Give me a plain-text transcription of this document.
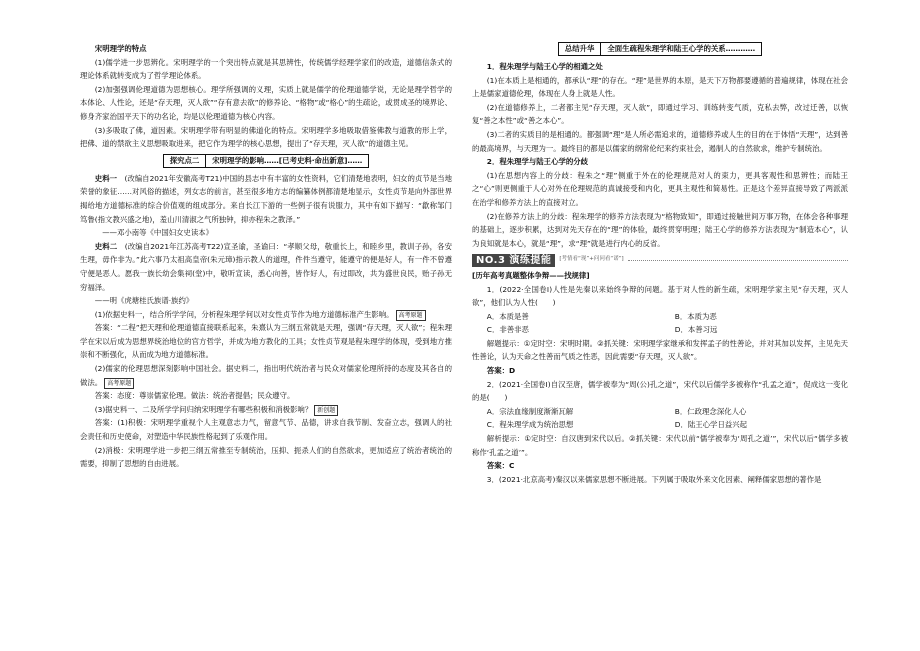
宋明理学的特点

(1)儒学进一步思辨化。宋明理学的一个突出特点就是其思辨性，传统儒学经理学家们的改造，道德信条式的理论体系就转变成为了哲学理论体系。

(2)加强强调伦理道德为思想核心。理学所强调的义理，实质上就是儒学的伦理道德学说，无论是理学哲学的本体论、人性论，还是“存天理，灭人欲”“存有意去欲”的修养论、“格物”或“格心”的生疏论，或贯成圣的境界论、修身齐家治国平天下的功名论，均是以伦理道德为核心内容。

(3)多吸取了佛，道因素。宋明理学带有明显的佛道化的特点。宋明理学多地吸取借鉴佛教与道教的形上学，把佛、道的禁欲主义思想吸取进来，把它作为理学的核心思想，提出了“存天理，灭人欲”的道德主见。

探究点二	宋明理学的影响……[已考史料·命出新意]……

史料一　 (改编自2021年安徽高考T21)中国的县志中有丰富的女性资料，它们清楚地表明，妇女的贞节是当地荣誉的象征……对风俗的描述，列女志的前言，甚至很多地方志的编纂体例都清楚地显示，女性贞节是向外部世界揭给地方道德标准的综合价值观的组成部分。来自长江下游的一些例子很有说服力，其中有如下描写：“歙称邹门笃鲁(指文教兴盛之地)，羞山川清淑之气所独钟，抑亦程朱之教泽。”

——邓小南等《中国妇女史读本》

史料二　 (改编自2021年江苏高考T22)宣圣谕，圣谕曰：“孝顺父母，敬重长上，和睦乡里，教训子孙，各安生理，毋作非为。”此六事乃太祖高皇帝(朱元璋)指示教人的道理，件件当遵守，能遵守的便是好人，有一件不曾遵守便是恶人。愿我一族长幼会集祠(堂)中，敬听宣读，悉心向善，皆作好人，有过即改，共为盛世良民，贻子孙无穷福泽。

——明《虎塘桂氏族谱·族约》

(1)依据史料一，结合所学学问，分析程朱理学何以对女性贞节作为地方道德标准产生影响。 高考原题

答案：“二程”把天理和伦理道德直接联系起来，朱熹认为三纲五常就是天理，强调“存天理，灭人欲”；程朱理学在宋以后成为思想界统治地位的官方哲学，并成为地方教化的工具；女性贞节观是程朱理学的体现，受到地方推崇和不断强化，从而成为地方道德标准。

(2)儒家的伦理思想深刻影响中国社会。据史料二，指出明代统治者与民众对儒家伦理所持的态度及其各自的做法。 高考原题

答案：态度：尊崇儒家伦理。做法：统治者提倡；民众遵守。

(3)据史料一、二及所学学问归纳宋明理学有哪些积极和消极影响？ 新创题

答案：(1)积极：宋明理学重视个人主观意志力气，留意气节、品德，讲求自我节制、发奋立志，强调人的社会责任和历史使命，对塑造中华民族性格起到了乐观作用。

(2)消极：宋明理学进一步把三纲五常推至专制统治，压抑、扼杀人们的自然欲求，更加适应了统治者统治的需要，抑制了思想的自由进展。

总结升华	全面生疏程朱理学和陆王心学的关系…………

1．程朱理学与陆王心学的相通之处

(1)在本质上是相通的，都承认“理”的存在。“理”是世界的本原，是天下万物都要遵循的普遍规律，体现在社会上是儒家道德伦理，体现在人身上就是人性。

(2)在道德修养上，二者都主见“存天理，灭人欲”，即通过学习、训练转变气质，克私去弊，改过迁善，以恢复“善之本性”或“善之本心”。

(3)二者的实质目的是相通的。都强调“理”是人所必需追求的，道德修养或人生的目的在于体悟“天理”，达到善的最高境界，与天理为一。最终目的都是以儒家的纲常伦纪来约束社会，遏制人的自然欲求，维护专制统治。

2．程朱理学与陆王心学的分歧

(1)在思想内容上的分歧：程朱之“理”侧重于外在的伦理规范对人的束力，更具客观性和思辨性；而陆王之“心”则更侧重于人心对外在伦理规范的真诚接受和内化，更具主观性和简易性。正是这个差异直接导致了两派派在治学和修养方法上的直接对立。

(2)在修养方法上的分歧：程朱理学的修养方法表现为“格物致知”，即通过接触世间万事万物，在体会各种事理的基础上，逐步积累，达到对先天存在的“理”的体验，最终贯穿明理；陆王心学的修养方法表现为“制造本心”，认为良知就是本心，就是“理”，求“理”就是进行内心的反省。

NO.3 演练提能	[考情看“现”+问问看“诺”]

[历年高考真题整体争辩——找规律]

1．(2022·全国卷Ⅰ)人性是先秦以来始终争辩的问题。基于对人性的新生疏，宋明理学家主见“存天理，灭人欲”，他们认为人性(　　)

A．本质是善	B．本质为恶
C．非善非恶	D．本善习远

解题提示：①定时空：宋明时期。②抓关键：宋明理学家继承和发挥孟子的性善论，并对其加以发挥，主见先天性善论，认为天命之性善而气质之性恶，因此需要“存天理，灭人欲”。

答案：D

2．(2021·全国卷Ⅰ)自汉至唐，儒学被奉为“周(公)孔之道”，宋代以后儒学多被称作“孔孟之道”，促成这一变化的是(　　)

A．宗法血缘制度渐渐瓦解	B．仁政理念深化人心
C．程朱理学成为统治思想	D．陆王心学日益兴起

解析提示：①定时空：自汉唐到宋代以后。②抓关键：宋代以前“儒学被奉为‘周孔之道’”，宋代以后“儒学多被称作‘孔孟之道’”。

答案：C

3．(2021·北京高考)秦汉以来儒家思想不断进展。下列属于吸取外来文化因素、阐释儒家思想的著作是
